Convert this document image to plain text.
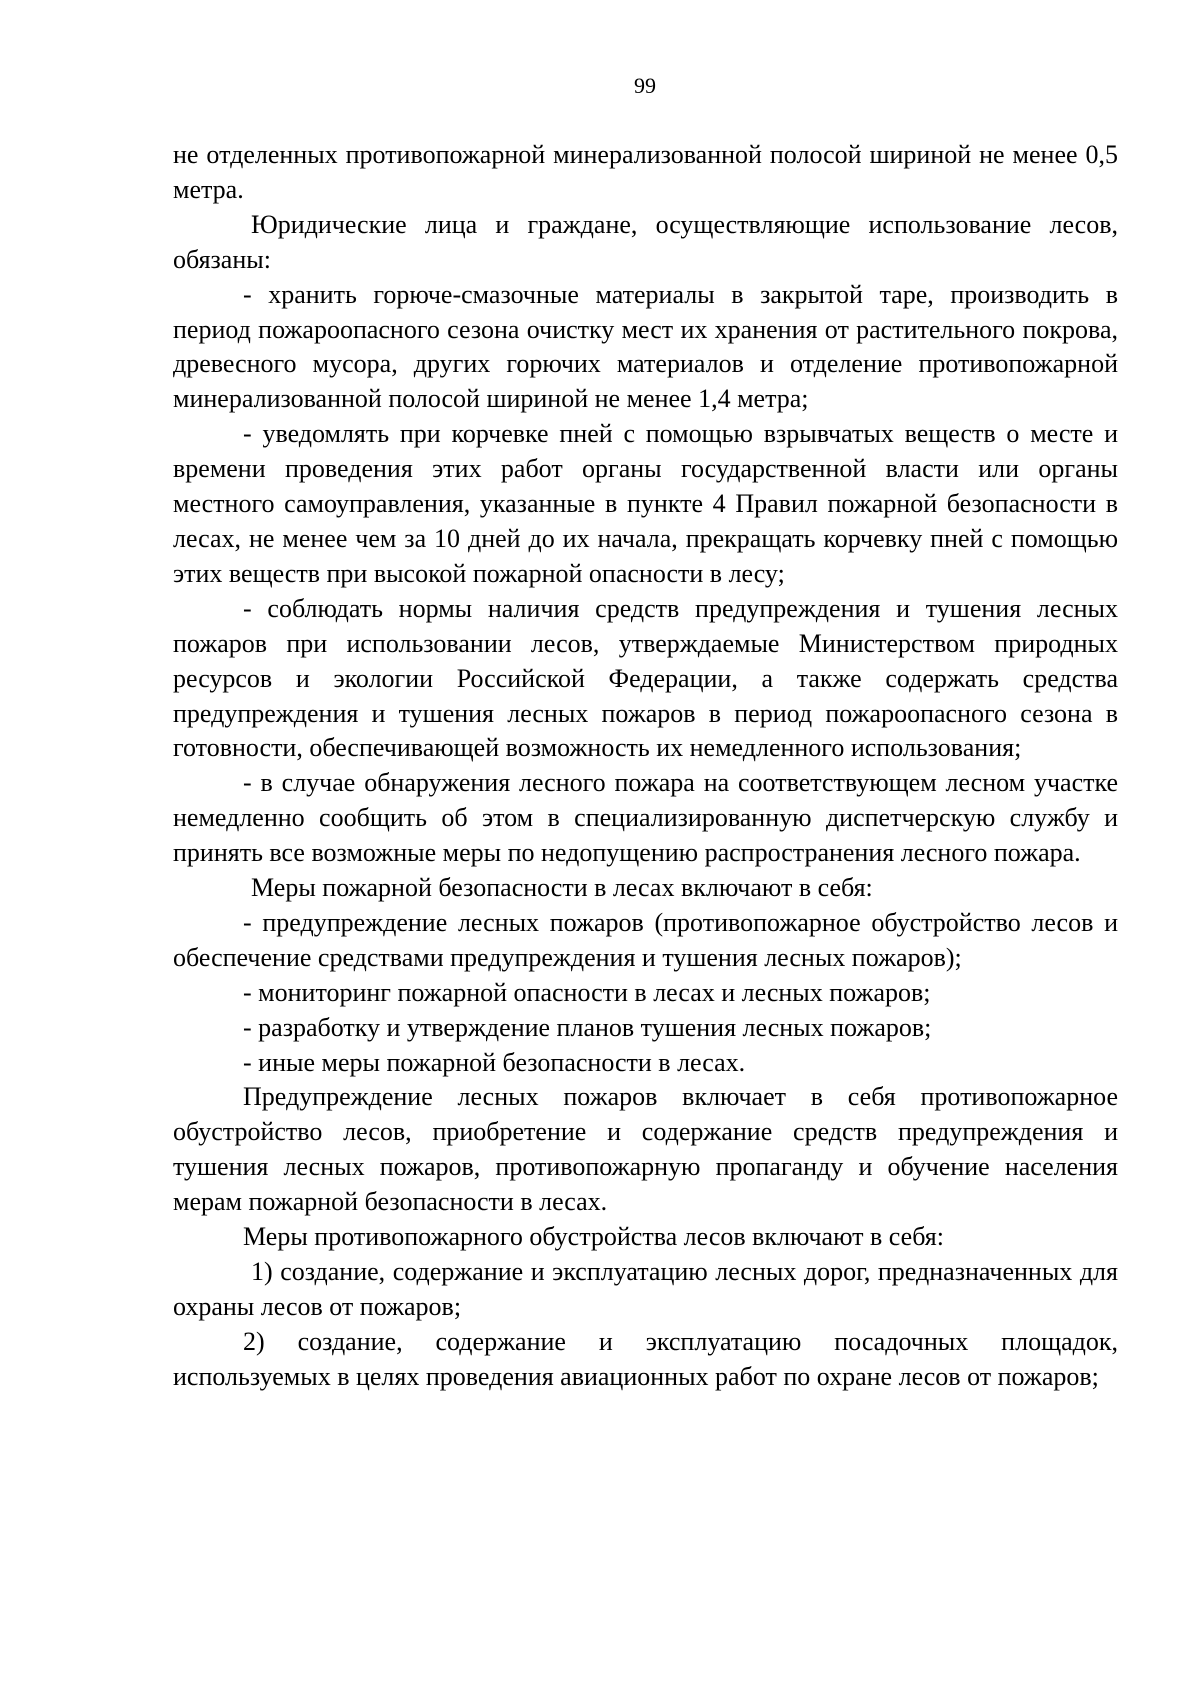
99

не отделенных противопожарной минерализованной полосой шириной не менее 0,5 метра.

Юридические лица и граждане, осуществляющие использование лесов, обязаны:

- хранить горюче-смазочные материалы в закрытой таре, производить в период пожароопасного сезона очистку мест их хранения от растительного покрова, древесного мусора, других горючих материалов и отделение противопожарной минерализованной полосой шириной не менее 1,4 метра;

- уведомлять при корчевке пней с помощью взрывчатых веществ о месте и времени проведения этих работ органы государственной власти или органы местного самоуправления, указанные в пункте 4 Правил пожарной безопасности в лесах, не менее чем за 10 дней до их начала, прекращать корчевку пней с помощью этих веществ при высокой пожарной опасности в лесу;

- соблюдать нормы наличия средств предупреждения и тушения лесных пожаров при использовании лесов, утверждаемые Министерством природных ресурсов и экологии Российской Федерации, а также содержать средства предупреждения и тушения лесных пожаров в период пожароопасного сезона в готовности, обеспечивающей возможность их немедленного использования;

- в случае обнаружения лесного пожара на соответствующем лесном участке немедленно сообщить об этом в специализированную диспетчерскую службу и принять все возможные меры по недопущению распространения лесного пожара.

Меры пожарной безопасности в лесах включают в себя:

- предупреждение лесных пожаров (противопожарное обустройство лесов и обеспечение средствами предупреждения и тушения лесных пожаров);

- мониторинг пожарной опасности в лесах и лесных пожаров;

- разработку и утверждение планов тушения лесных пожаров;

- иные меры пожарной безопасности в лесах.

Предупреждение лесных пожаров включает в себя противопожарное обустройство лесов, приобретение и содержание средств предупреждения и тушения лесных пожаров, противопожарную пропаганду и обучение населения мерам пожарной безопасности в лесах.

Меры противопожарного обустройства лесов включают в себя:

1) создание, содержание и эксплуатацию лесных дорог, предназначенных для охраны лесов от пожаров;

2) создание, содержание и эксплуатацию посадочных площадок, используемых в целях проведения авиационных работ по охране лесов от пожаров;
